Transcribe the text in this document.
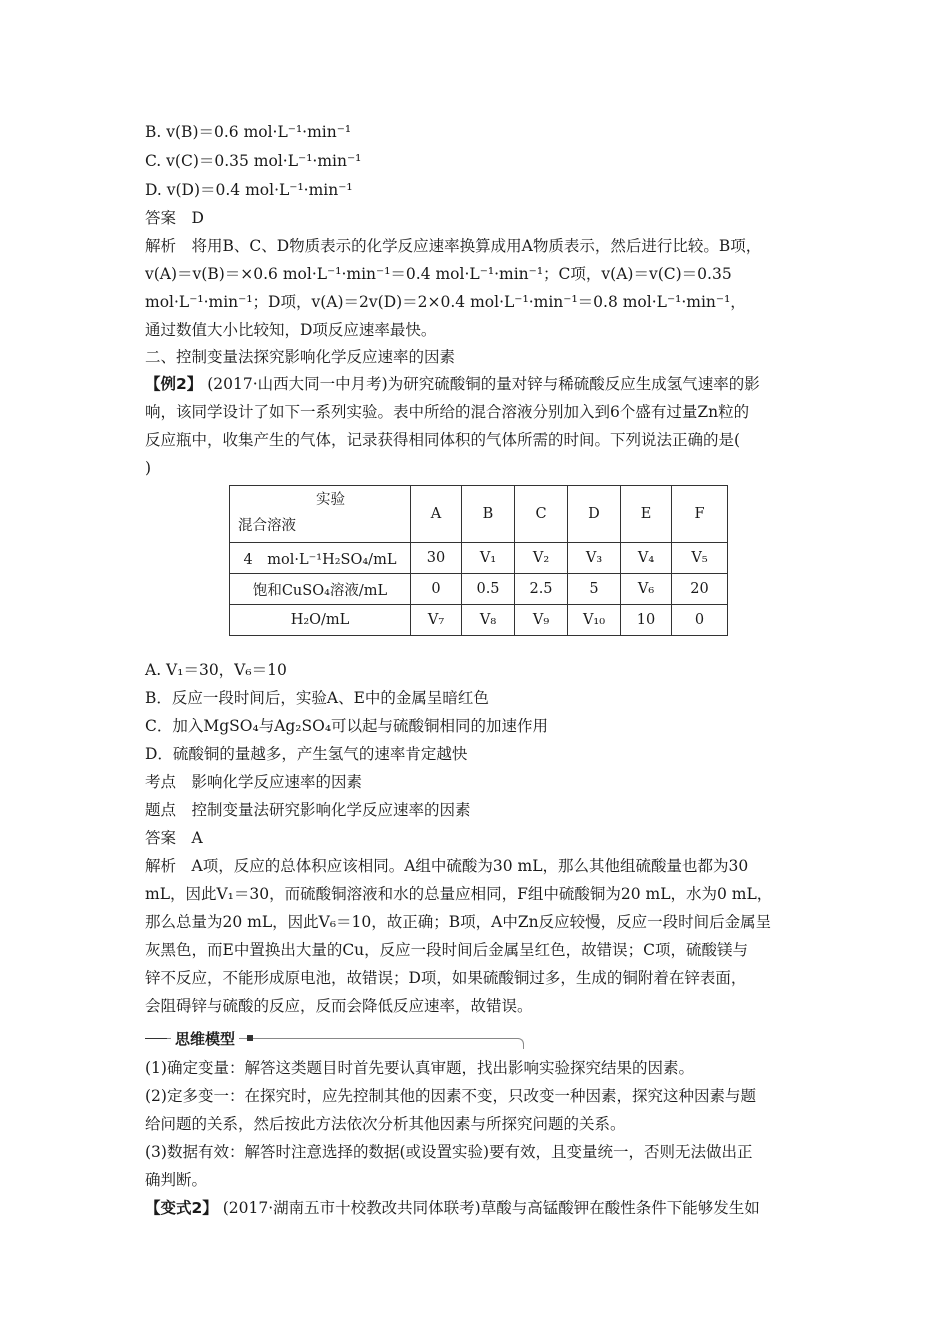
B. v(B)＝0.6 mol·L⁻¹·min⁻¹
C. v(C)＝0.35 mol·L⁻¹·min⁻¹
D. v(D)＝0.4 mol·L⁻¹·min⁻¹
答案　D
解析　将用B、C、D物质表示的化学反应速率换算成用A物质表示，然后进行比较。B项，
v(A)＝v(B)＝×0.6 mol·L⁻¹·min⁻¹＝0.4 mol·L⁻¹·min⁻¹；C项，v(A)＝v(C)＝0.35
mol·L⁻¹·min⁻¹；D项，v(A)＝2v(D)＝2×0.4 mol·L⁻¹·min⁻¹＝0.8 mol·L⁻¹·min⁻¹，
通过数值大小比较知，D项反应速率最快。
二、控制变量法探究影响化学反应速率的因素
【例2】 (2017·山西大同一中月考)为研究硫酸铜的量对锌与稀硫酸反应生成氢气速率的影
响，该同学设计了如下一系列实验。表中所给的混合溶液分别加入到6个盛有过量Zn粒的
反应瓶中，收集产生的气体，记录获得相同体积的气体所需的时间。下列说法正确的是(
)
实验
混合溶液	A	B	C	D	E	F
4　mol·L⁻¹H₂SO₄/mL	30	V₁	V₂	V₃	V₄	V₅
饱和CuSO₄溶液/mL	0	0.5	2.5	5	V₆	20
H₂O/mL	V₇	V₈	V₉	V₁₀	10	0
A. V₁＝30，V₆＝10
B．反应一段时间后，实验A、E中的金属呈暗红色
C．加入MgSO₄与Ag₂SO₄可以起与硫酸铜相同的加速作用
D．硫酸铜的量越多，产生氢气的速率肯定越快
考点　影响化学反应速率的因素
题点　控制变量法研究影响化学反应速率的因素
答案　A
解析　A项，反应的总体积应该相同。A组中硫酸为30 mL，那么其他组硫酸量也都为30
mL，因此V₁＝30，而硫酸铜溶液和水的总量应相同，F组中硫酸铜为20 mL，水为0 mL，
那么总量为20 mL，因此V₆＝10，故正确；B项，A中Zn反应较慢，反应一段时间后金属呈
灰黑色，而E中置换出大量的Cu，反应一段时间后金属呈红色，故错误；C项，硫酸镁与
锌不反应，不能形成原电池，故错误；D项，如果硫酸铜过多，生成的铜附着在锌表面，
会阻碍锌与硫酸的反应，反而会降低反应速率，故错误。
思维模型
(1)确定变量：解答这类题目时首先要认真审题，找出影响实验探究结果的因素。
(2)定多变一：在探究时，应先控制其他的因素不变，只改变一种因素，探究这种因素与题
给问题的关系，然后按此方法依次分析其他因素与所探究问题的关系。
(3)数据有效：解答时注意选择的数据(或设置实验)要有效，且变量统一，否则无法做出正
确判断。
【变式2】 (2017·湖南五市十校教改共同体联考)草酸与高锰酸钾在酸性条件下能够发生如
